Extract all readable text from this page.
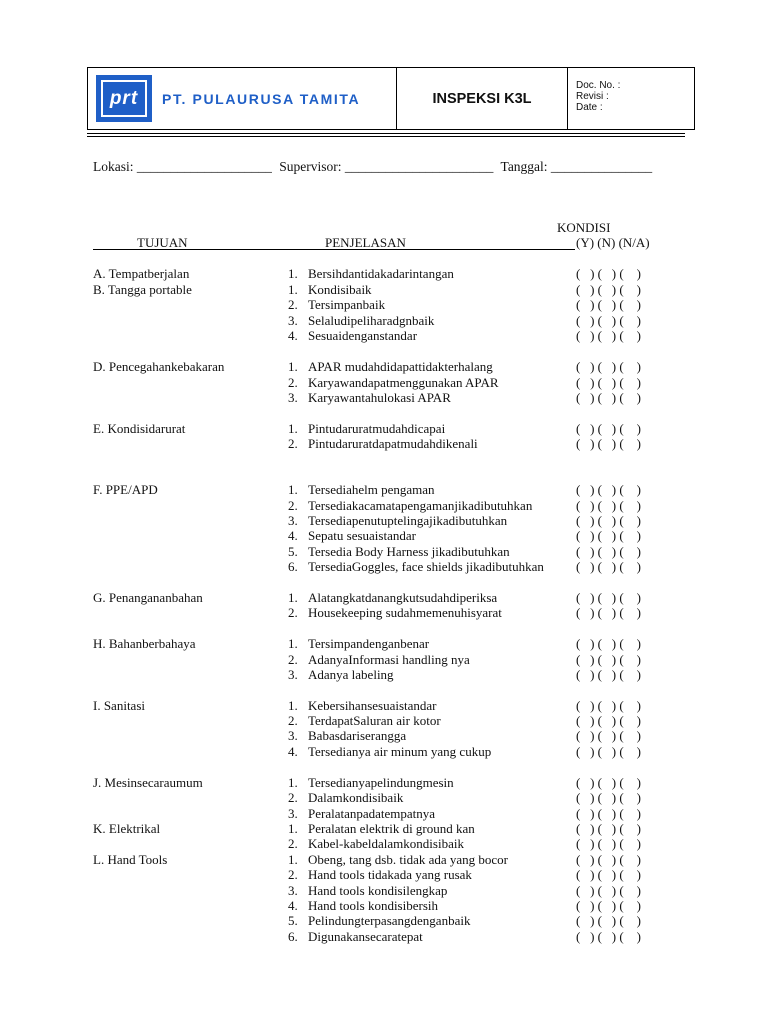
prt	PT. PULAURUSA TAMITA	INSPEKSI K3L
Doc. No. :
Revisi :
Date :
Lokasi: ____________________ Supervisor: ______________________ Tanggal: _______________
KONDISI
TUJUAN	PENJELASAN	(Y) (N) (N/A)
A. Tempatberjalan	1. Bersihdantidakadarintangan	(   ) (   ) (    )
B. Tangga portable	1. Kondisibaik	(   ) (   ) (    )
2. Tersimpanbaik	(   ) (   ) (    )
3. Selaludipeliharadgnbaik	(   ) (   ) (    )
4. Sesuaidenganstandar	(   ) (   ) (    )
D. Pencegahankebakaran	1. APAR mudahdidapattidakterhalang	(   ) (   ) (    )
2. Karyawandapatmenggunakan APAR	(   ) (   ) (    )
3. Karyawantahulokasi APAR	(   ) (   ) (    )
E. Kondisidarurat	1. Pintudaruratmudahdicapai	(   ) (   ) (    )
2. Pintudaruratdapatmudahdikenali	(   ) (   ) (    )
F. PPE/APD	1. Tersediahelm pengaman	(   ) (   ) (    )
2. Tersediakacamatapengamanjikadibutuhkan	(   ) (   ) (    )
3. Tersediapenutuptelingajikadibutuhkan	(   ) (   ) (    )
4. Sepatu sesuaistandar	(   ) (   ) (    )
5. Tersedia Body Harness jikadibutuhkan	(   ) (   ) (    )
6. TersediaGoggles, face shields jikadibutuhkan (   ) (   ) (    )
G. Penangananbahan	1. Alatangkatdanangkutsudahdiperiksa	(   ) (   ) (    )
2. Housekeeping sudahmemenuhisyarat	(   ) (   ) (    )
H. Bahanberbahaya	1. Tersimpandenganbenar	(   ) (   ) (    )
2. AdanyaInformasi handling nya	(   ) (   ) (    )
3. Adanya labeling	(   ) (   ) (    )
I. Sanitasi	1. Kebersihansesuaistandar	(   ) (   ) (    )
2. TerdapatSaluran air kotor	(   ) (   ) (    )
3. Babasdariserangga	(   ) (   ) (    )
4. Tersedianya air minum yang cukup	(   ) (   ) (    )
J. Mesinsecaraumum	1. Tersedianyapelindungmesin	(   ) (   ) (    )
2. Dalamkondisibaik	(   ) (   ) (    )
3. Peralatanpadatempatnya	(   ) (   ) (    )
K. Elektrikal	1. Peralatan elektrik di ground kan	(   ) (   ) (    )
2. Kabel-kabeldalamkondisibaik	(   ) (   ) (    )
L. Hand Tools	1. Obeng, tang dsb. tidak ada yang bocor	(   ) (   ) (    )
2. Hand tools tidakada yang rusak	(   ) (   ) (    )
3. Hand tools kondisilengkap	(   ) (   ) (    )
4. Hand tools kondisibersih	(   ) (   ) (    )
5. Pelindungterpasangdenganbaik	(   ) (   ) (    )
6. Digunakansecaratepat	(   ) (   ) (    )
